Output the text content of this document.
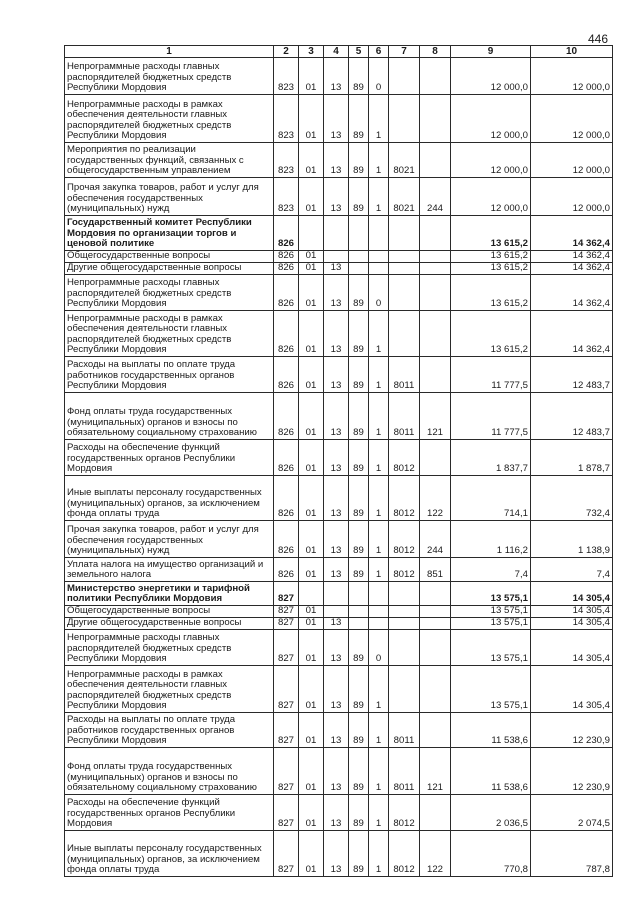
446
1	2	3	4	5	6	7	8	9	10
Непрограммные расходы главных распорядителей бюджетных средств Республики Мордовия	823	01	13	89	0			12 000,0	12 000,0
Непрограммные расходы в рамках обеспечения деятельности главных распорядителей бюджетных средств Республики Мордовия	823	01	13	89	1			12 000,0	12 000,0
Мероприятия по реализации государственных функций, связанных с общегосударственным управлением	823	01	13	89	1	8021		12 000,0	12 000,0
Прочая закупка товаров, работ и услуг для обеспечения государственных (муниципальных) нужд	823	01	13	89	1	8021	244	12 000,0	12 000,0
Государственный комитет Республики Мордовия по организации торгов и ценовой политике	826							13 615,2	14 362,4
Общегосударственные вопросы	826	01						13 615,2	14 362,4
Другие общегосударственные вопросы	826	01	13					13 615,2	14 362,4
Непрограммные расходы главных распорядителей бюджетных средств Республики Мордовия	826	01	13	89	0			13 615,2	14 362,4
Непрограммные расходы в рамках обеспечения деятельности главных распорядителей бюджетных средств Республики Мордовия	826	01	13	89	1			13 615,2	14 362,4
Расходы на выплаты по оплате труда работников государственных органов Республики Мордовия	826	01	13	89	1	8011		11 777,5	12 483,7
Фонд оплаты труда государственных (муниципальных) органов и взносы по обязательному социальному страхованию	826	01	13	89	1	8011	121	11 777,5	12 483,7
Расходы на обеспечение функций государственных органов Республики Мордовия	826	01	13	89	1	8012		1 837,7	1 878,7
Иные выплаты персоналу государственных (муниципальных) органов, за исключением фонда оплаты труда	826	01	13	89	1	8012	122	714,1	732,4
Прочая закупка товаров, работ и услуг для обеспечения государственных (муниципальных) нужд	826	01	13	89	1	8012	244	1 116,2	1 138,9
Уплата налога на имущество организаций и земельного налога	826	01	13	89	1	8012	851	7,4	7,4
Министерство энергетики и тарифной политики Республики Мордовия	827							13 575,1	14 305,4
Общегосударственные вопросы	827	01						13 575,1	14 305,4
Другие общегосударственные вопросы	827	01	13					13 575,1	14 305,4
Непрограммные расходы главных распорядителей бюджетных средств Республики Мордовия	827	01	13	89	0			13 575,1	14 305,4
Непрограммные расходы в рамках обеспечения деятельности главных распорядителей бюджетных средств Республики Мордовия	827	01	13	89	1			13 575,1	14 305,4
Расходы на выплаты по оплате труда работников государственных органов Республики Мордовия	827	01	13	89	1	8011		11 538,6	12 230,9
Фонд оплаты труда государственных (муниципальных) органов и взносы по обязательному социальному страхованию	827	01	13	89	1	8011	121	11 538,6	12 230,9
Расходы на обеспечение функций государственных органов Республики Мордовия	827	01	13	89	1	8012		2 036,5	2 074,5
Иные выплаты персоналу государственных (муниципальных) органов, за исключением фонда оплаты труда	827	01	13	89	1	8012	122	770,8	787,8
